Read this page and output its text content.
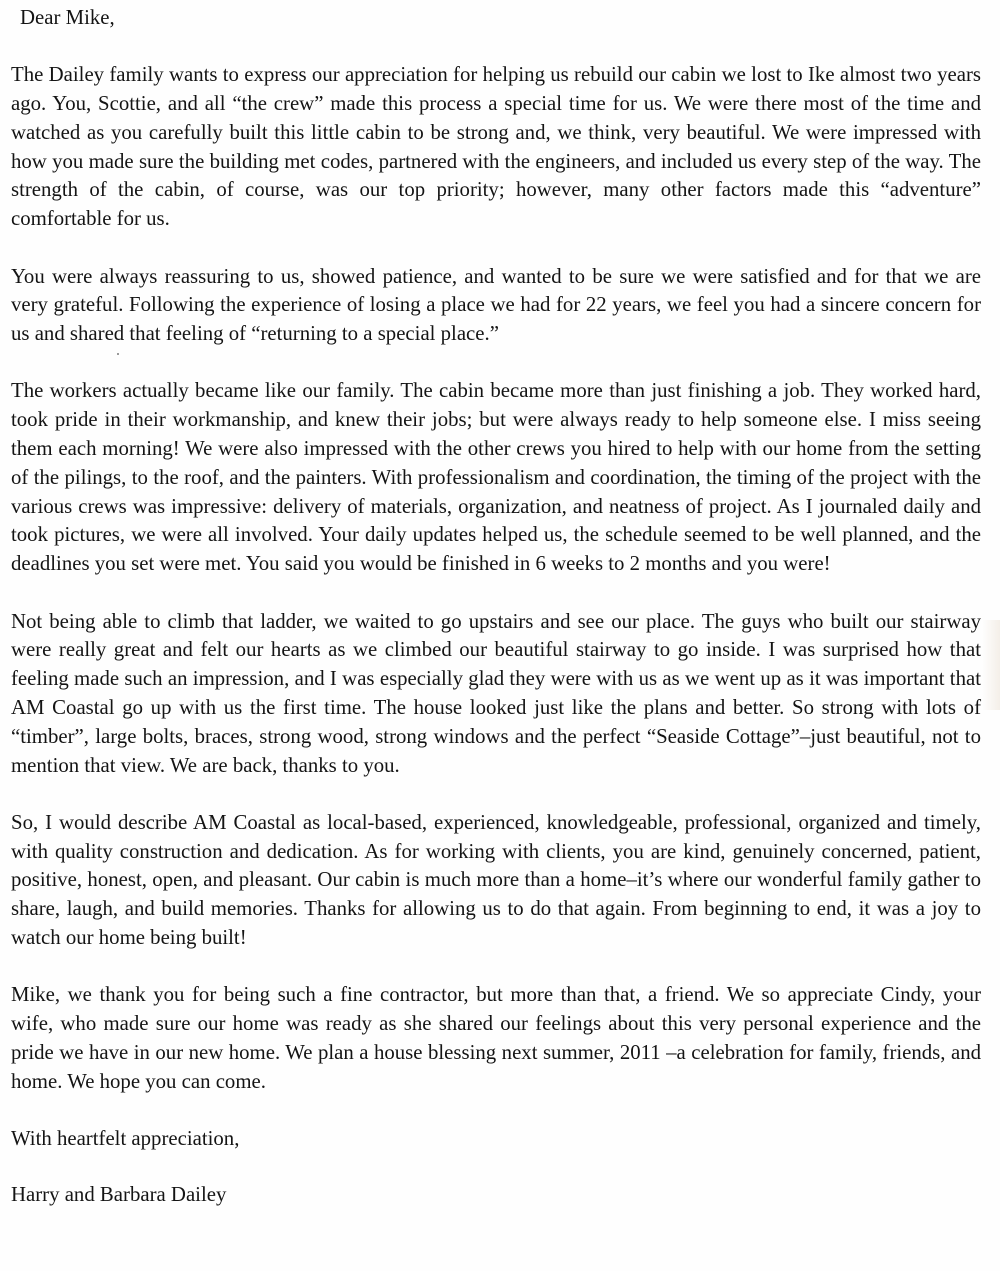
Dear Mike,

The Dailey family wants to express our appreciation for helping us rebuild our cabin we lost to Ike almost two years ago. You, Scottie, and all “the crew” made this process a special time for us. We were there most of the time and watched as you carefully built this little cabin to be strong and, we think, very beautiful. We were impressed with how you made sure the building met codes, partnered with the engineers, and included us every step of the way. The strength of the cabin, of course, was our top priority; however, many other factors made this “adventure” comfortable for us.

You were always reassuring to us, showed patience, and wanted to be sure we were satisfied and for that we are very grateful. Following the experience of losing a place we had for 22 years, we feel you had a sincere concern for us and shared that feeling of “returning to a special place.”

The workers actually became like our family. The cabin became more than just finishing a job. They worked hard, took pride in their workmanship, and knew their jobs; but were always ready to help someone else. I miss seeing them each morning! We were also impressed with the other crews you hired to help with our home from the setting of the pilings, to the roof, and the painters. With professionalism and coordination, the timing of the project with the various crews was impressive: delivery of materials, organization, and neatness of project. As I journaled daily and took pictures, we were all involved. Your daily updates helped us, the schedule seemed to be well planned, and the deadlines you set were met. You said you would be finished in 6 weeks to 2 months and you were!

Not being able to climb that ladder, we waited to go upstairs and see our place. The guys who built our stairway were really great and felt our hearts as we climbed our beautiful stairway to go inside. I was surprised how that feeling made such an impression, and I was especially glad they were with us as we went up as it was important that AM Coastal go up with us the first time. The house looked just like the plans and better. So strong with lots of “timber”, large bolts, braces, strong wood, strong windows and the perfect “Seaside Cottage”–just beautiful, not to mention that view. We are back, thanks to you.

So, I would describe AM Coastal as local-based, experienced, knowledgeable, professional, organized and timely, with quality construction and dedication. As for working with clients, you are kind, genuinely concerned, patient, positive, honest, open, and pleasant. Our cabin is much more than a home–it’s where our wonderful family gather to share, laugh, and build memories. Thanks for allowing us to do that again. From beginning to end, it was a joy to watch our home being built!

Mike, we thank you for being such a fine contractor, but more than that, a friend. We so appreciate Cindy, your wife, who made sure our home was ready as she shared our feelings about this very personal experience and the pride we have in our new home. We plan a house blessing next summer, 2011 –a celebration for family, friends, and home. We hope you can come.

With heartfelt appreciation,

Harry and Barbara Dailey
